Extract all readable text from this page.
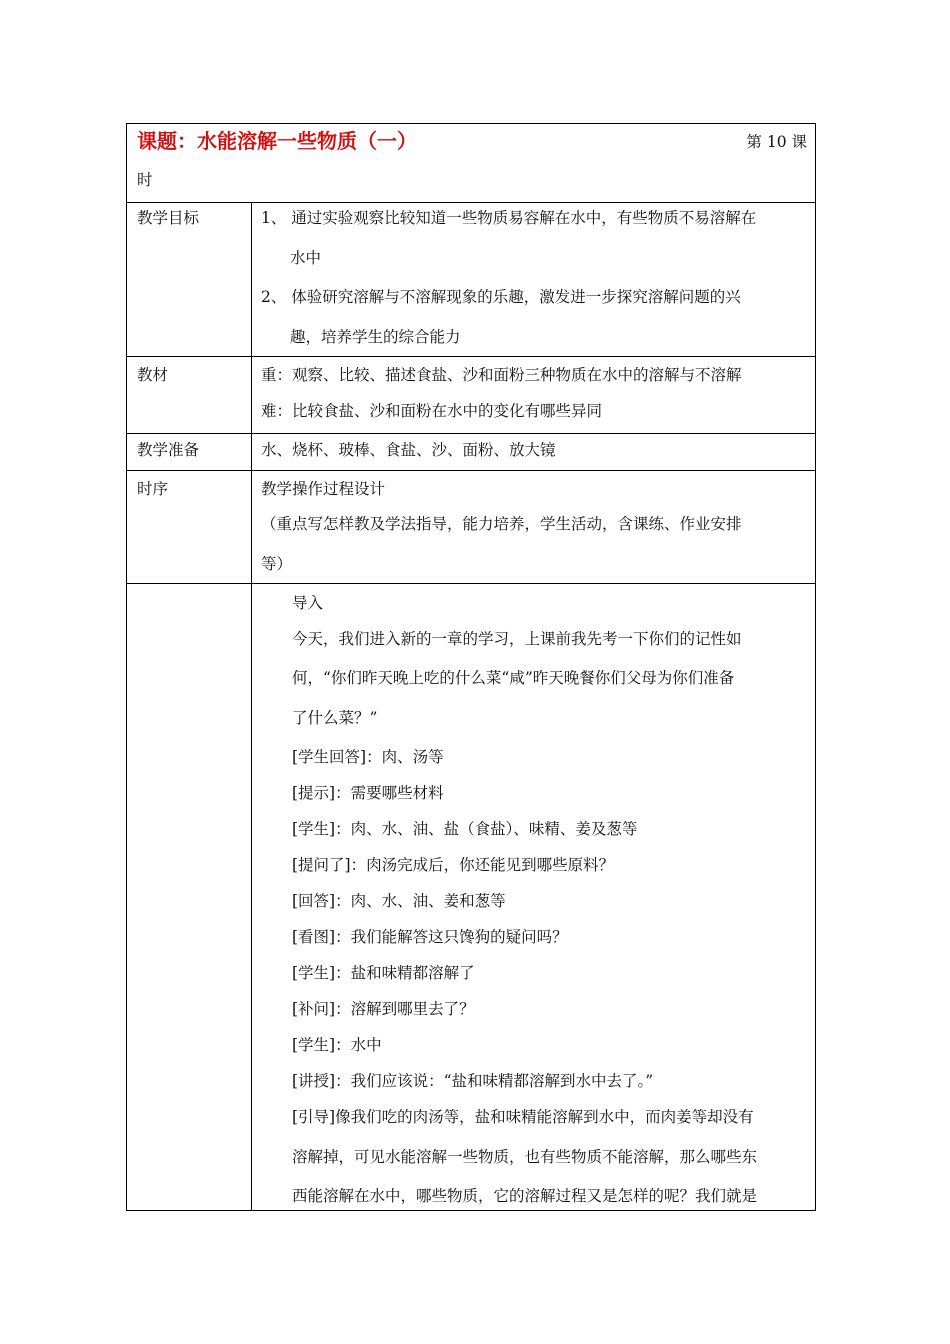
课题：水能溶解一些物质（一）	第 10 课
时
教学目标	1、 通过实验观察比较知道一些物质易容解在水中，有些物质不易溶解在
水中
2、 体验研究溶解与不溶解现象的乐趣，激发进一步探究溶解问题的兴
趣，培养学生的综合能力
教材	重：观察、比较、描述食盐、沙和面粉三种物质在水中的溶解与不溶解
难：比较食盐、沙和面粉在水中的变化有哪些异同
教学准备	水、烧杯、玻棒、食盐、沙、面粉、放大镜
时序	教学操作过程设计
（重点写怎样教及学法指导，能力培养，学生活动，含课练、作业安排
等）
导入
今天，我们进入新的一章的学习，上课前我先考一下你们的记性如
何，“你们昨天晚上吃的什么菜“咸”昨天晚餐你们父母为你们准备
了什么菜？”
[学生回答]：肉、汤等
[提示]：需要哪些材料
[学生]：肉、水、油、盐（食盐）、味精、姜及葱等
[提问了]：肉汤完成后，你还能见到哪些原料？
[回答]：肉、水、油、姜和葱等
[看图]：我们能解答这只馋狗的疑问吗？
[学生]：盐和味精都溶解了
[补问]：溶解到哪里去了？
[学生]：水中
[讲授]：我们应该说：“盐和味精都溶解到水中去了。”
[引导]像我们吃的肉汤等，盐和味精能溶解到水中，而肉姜等却没有
溶解掉，可见水能溶解一些物质，也有些物质不能溶解，那么哪些东
西能溶解在水中，哪些物质，它的溶解过程又是怎样的呢？我们就是
